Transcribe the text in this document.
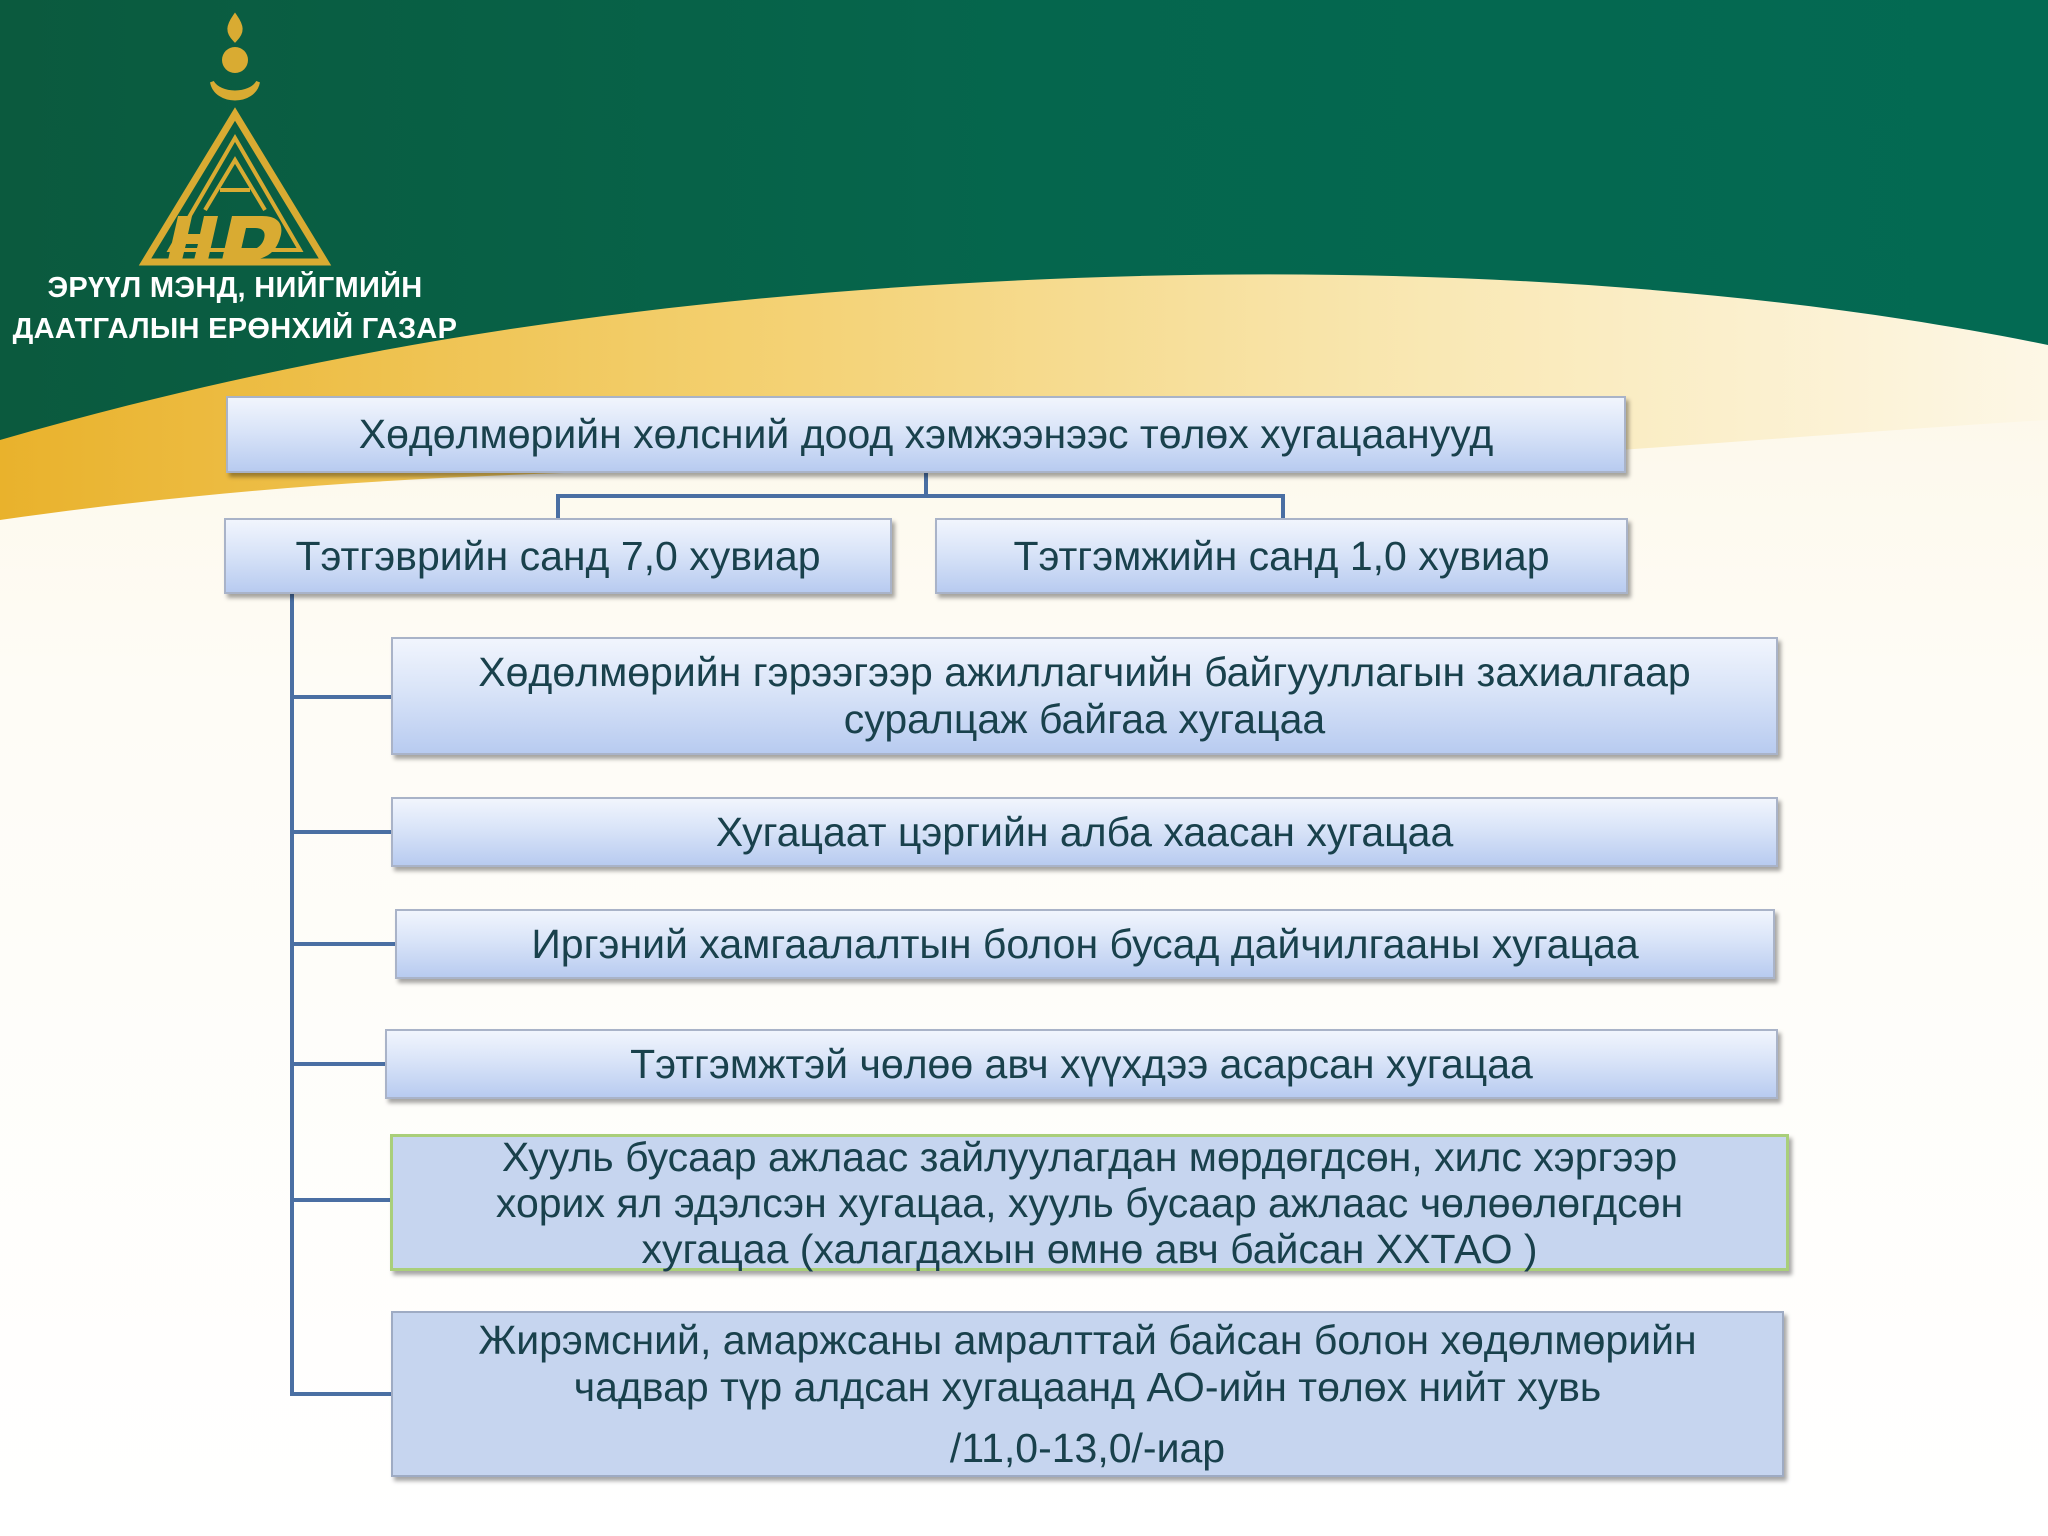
ЭРҮҮЛ МЭНД, НИЙГМИЙН
ДААТГАЛЫН ЕРӨНХИЙ ГАЗАР
Хөдөлмөрийн хөлсний доод хэмжээнээс төлөх хугацаанууд
Тэтгэврийн санд 7,0 хувиар	Тэтгэмжийн санд 1,0 хувиар
Хөдөлмөрийн гэрээгээр ажиллагчийн байгууллагын захиалгаар
суралцаж байгаа хугацаа
Хугацаат цэргийн алба хаасан хугацаа
Иргэний хамгаалалтын болон бусад дайчилгааны хугацаа
Тэтгэмжтэй чөлөө авч хүүхдээ асарсан хугацаа
Хууль бусаар ажлаас зайлуулагдан мөрдөгдсөн, хилс хэргээр
хорих ял эдэлсэн хугацаа, хууль бусаар ажлаас чөлөөлөгдсөн
хугацаа (халагдахын өмнө авч байсан ХХТАО )
Жирэмсний, амаржсаны амралттай байсан болон хөдөлмөрийн
чадвар түр алдсан хугацаанд АО-ийн төлөх нийт хувь
/11,0-13,0/-иар
